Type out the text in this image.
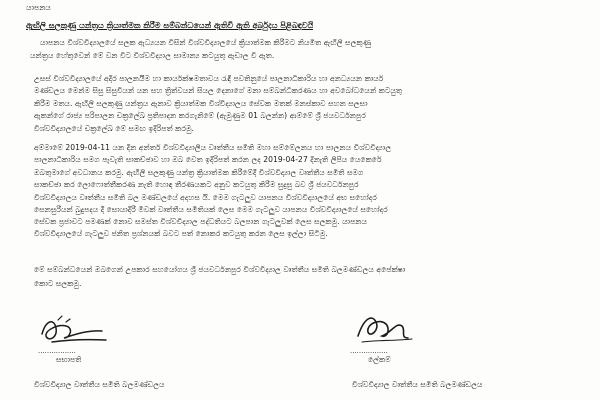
යාපනය

ඇඟිලි සලකුණු යන්ත්‍රය ක්‍රියාත්මක කිරීම සම්බන්ධයෙන් ඇතිවී ඇති අර්බුදය පිළිබඳවයි

යාපනය විශ්වවිද්‍යාලයේ සලක ඇධ්‍යයන විසින් විශ්වවිද්‍යාලයේ ක්‍රියාත්මක කිරීමට නියමිත ඇඟිලි සලකුණු

යන්ත්‍රය හේතුවෙන් මේ වන විට විශ්වවිද්‍යාල සාමාන්‍ය කටයුතු ඇඩාල වී ඇත.

උසස් විශ්වවිද්‍යාලයේ අදිර පාලනයීම හා කාර්යක්ෂමතාවය රැඳි පවතිනුයේ පාලනාධිකාරිය හා අනධ්‍යයන කාර්ය

මණ්ඩලය මෙන්ම සිසු සිසුවියන් යන සහ ත්‍රිත්වයන් සියල දෙනාගේ මනා සම්බන්ධීකරණය හා අවබෝධයෙන් කටයුතු

කිරීම මතය. ඇඟිලි සලකුණු යන්ත්‍රය ඇනාව ක්‍රියාත්මක විශ්විද්‍යාලය සේවක මතක් මනස්කාව සහන සලසා

ඇකන්ගේ රාජ්‍ය පරිපාලන චක්‍රලේඛ ප්‍රතිපාදන කරගැනිමේ (ඇමුණුම 01 බලන්න) ආම්මේ ශ්‍රී ජයවර්ධනපුර

විශ්වවිද්‍යාලයේ චක්‍රලේඛ මේ සමඟ ඉදිරිපත් කරමු.

අම්මාමේ 2019-04-11 යන දින අන්තර් විශ්වවිද්‍යාලීය වෘත්තීය සමිති මහා සම්මේලනය හා පාලනය විශ්වවිද්‍යාල

පාලනාධිකාරිය සමග පැවැති සාකච්ඡාව හා ඔබ වෙත ඉදිරිපත් කරන ලද 2019-04-27 දිනැති ලිපිය යෙකෙරේ

ඔබතුමාගේ අවධානය කරමු. ඇඟිලි සලකුණු යන්ත්‍ර ක්‍රියාත්මක කිරීමේදී විශ්වවිද්‍යාල වෘත්තීය සමිති සමග

සාකච්ඡා කර ලොෆොත්තීකරණ නැති හොඳ තීරණයකට අනුව කටයුතු කිරීම සුදුසු බව ශ්‍රී ජයවර්ධනපුර

විශ්වවිද්‍යාලය වෘත්තීය සමිති බල මණ්ඩලයේ අදහස යි. මෙම ගැටලුව යාපනය විශ්වවිද්‍යාලයේ අභ සහෝදර

සෙනසුරීයන් බුදුපදය දී සොයාදිරී මීවක් වෘත්තීය සමිතියක් ලෙස මෙම ගැටලුව යාපනය විශ්වවිද්‍යාලයේ සහෝදර

සේවක ප්‍රජාවට පමණක් නොව සමස්ත විශ්වවිද්‍යාල පද්ධතියට බලපාන ගැටලුවක් ලෙස සලකමු. යාපනය

විශ්වවිද්‍යාලයේ ගැටලුව ජනිත ප්‍රශ්නයක් බවට පත් නොකර කටයුතු කරන ලෙස ඉල්ලා සිටිමු.

මේ සම්බන්ධයෙන් ඔබගෙන් උපකාර සහයෝගය ශ්‍රී ජයවර්ධනපුර විශ්වවිද්‍යාල වෘත්තීය සමිති බලමණ්ඩලය අපේක්ෂා

කොට සලකමු.

.................

සභාපති

විශ්වවිද්‍යාල වෘත්තීය සමිති බලමණ්ඩලය

.................

ලේකම්

විශ්වවිද්‍යාල වෘත්තීය සමිති බලමණ්ඩලය
